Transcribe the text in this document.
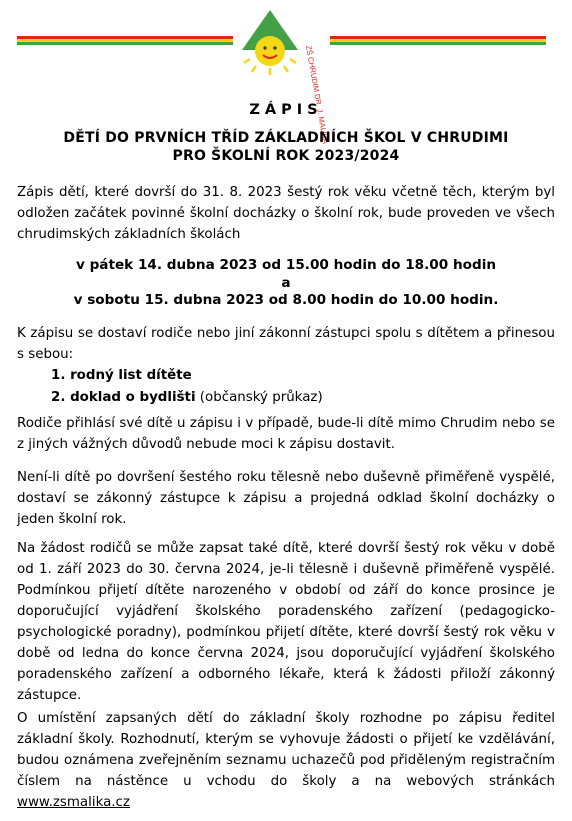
ZŠ CHRUDIM DR. J. MALÍKA
ZÁPIS
DĚTÍ DO PRVNÍCH TŘÍD ZÁKLADNÍCH ŠKOL V CHRUDIMI
PRO ŠKOLNÍ ROK 2023/2024

Zápis dětí, které dovrší do 31. 8. 2023 šestý rok věku včetně těch, kterým byl odložen začátek povinné školní docházky o školní rok, bude proveden ve všech chrudimských základních školách

v pátek 14. dubna 2023 od 15.00 hodin do 18.00 hodin
a
v sobotu 15. dubna 2023 od 8.00 hodin do 10.00 hodin.

K zápisu se dostaví rodiče nebo jiní zákonní zástupci spolu s dítětem a přinesou s sebou:

1. rodný list dítěte
2. doklad o bydlišti (občanský průkaz)

Rodiče přihlásí své dítě u zápisu i v případě, bude-li dítě mimo Chrudim nebo se z jiných vážných důvodů nebude moci k zápisu dostavit.

Není-li dítě po dovršení šestého roku tělesně nebo duševně přiměřeně vyspělé, dostaví se zákonný zástupce k zápisu a projedná odklad školní docházky o jeden školní rok.

Na žádost rodičů se může zapsat také dítě, které dovrší šestý rok věku v době od 1. září 2023 do 30. června 2024, je-li tělesně i duševně přiměřeně vyspělé. Podmínkou přijetí dítěte narozeného v období od září do konce prosince je doporučující vyjádření školského poradenského zařízení (pedagogicko-psychologické poradny), podmínkou přijetí dítěte, které dovrší šestý rok věku v době od ledna do konce června 2024, jsou doporučující vyjádření školského poradenského zařízení a odborného lékaře, která k žádosti přiloží zákonný zástupce.

O umístění zapsaných dětí do základní školy rozhodne po zápisu ředitel základní školy. Rozhodnutí, kterým se vyhovuje žádosti o přijetí ke vzdělávání, budou oznámena zveřejněním seznamu uchazečů pod přiděleným registračním číslem na nástěnce u vchodu do školy a na webových stránkách www.zsmalika.cz
